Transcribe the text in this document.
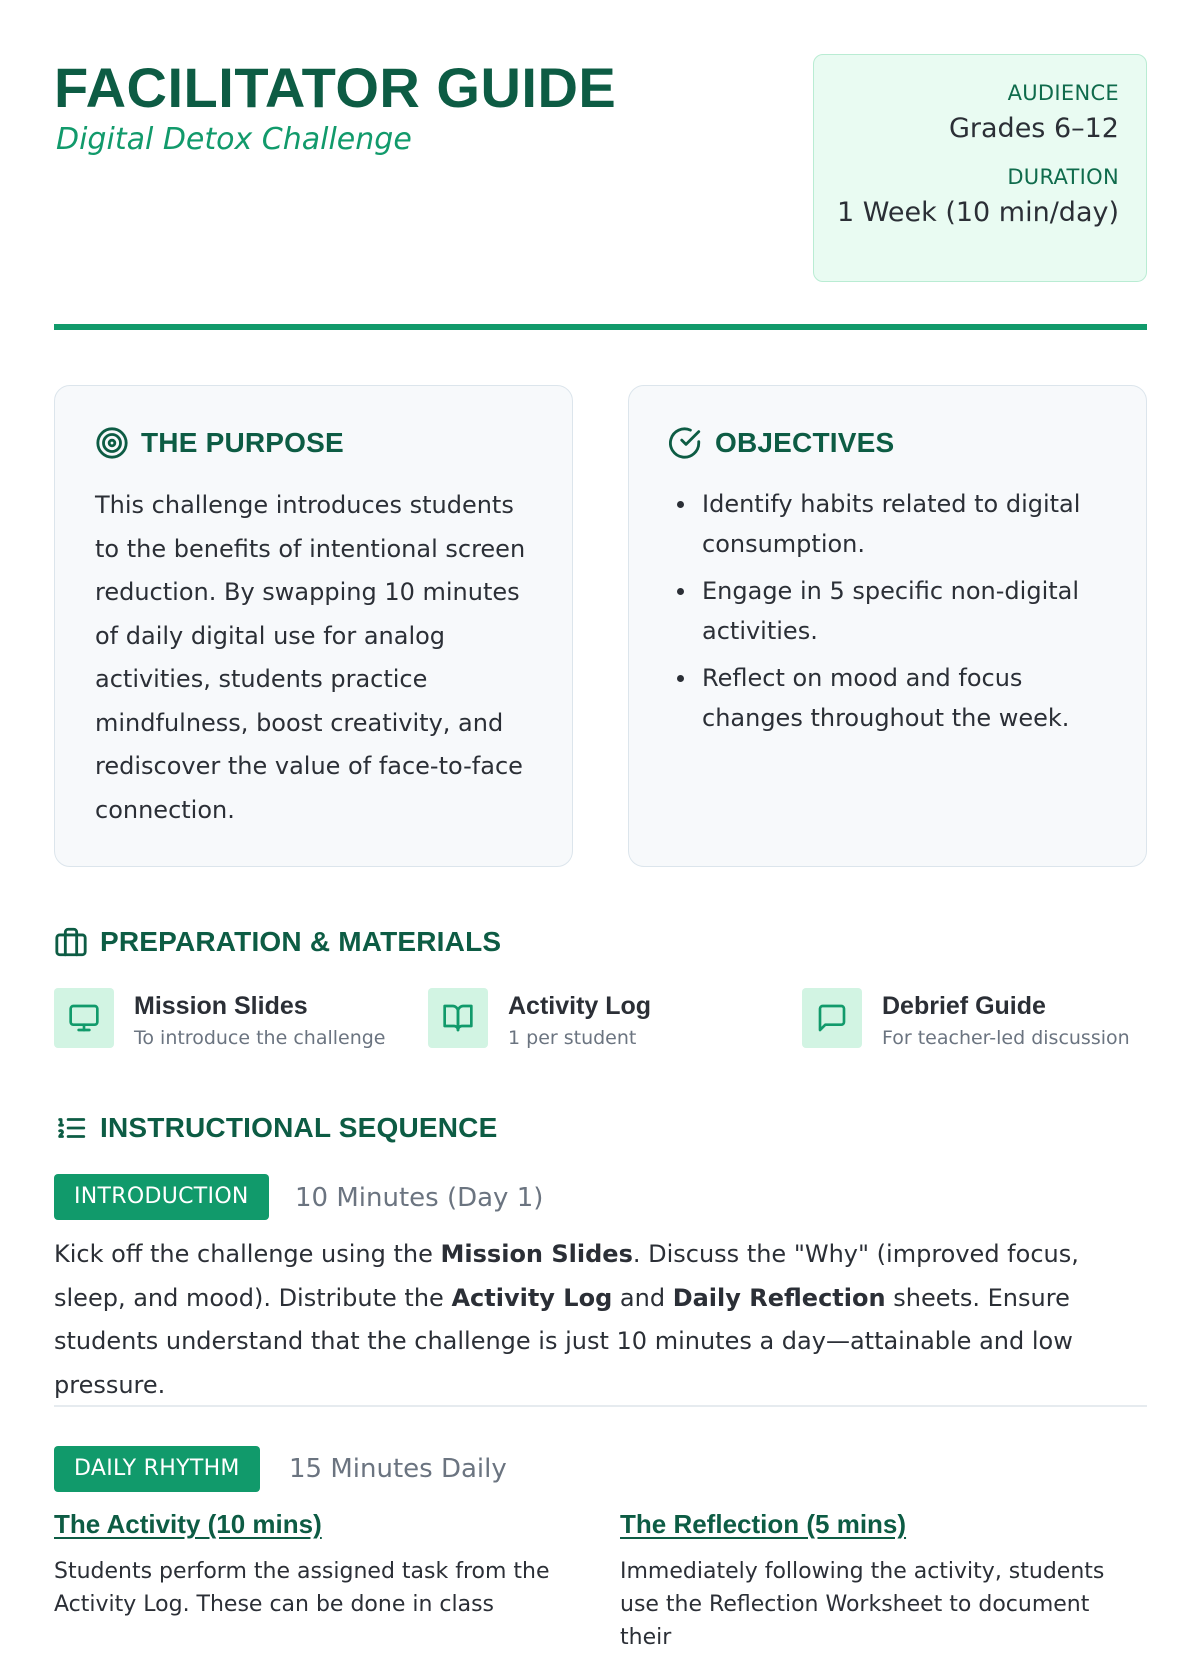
FACILITATOR GUIDE
Digital Detox Challenge
AUDIENCE
Grades 6–12
DURATION
1 Week (10 min/day)
THE PURPOSE
This challenge introduces students to the benefits of intentional screen reduction. By swapping 10 minutes of daily digital use for analog activities, students practice mindfulness, boost creativity, and rediscover the value of face-to-face connection.
OBJECTIVES
Identify habits related to digital consumption.
Engage in 5 specific non-digital activities.
Reflect on mood and focus changes throughout the week.
PREPARATION & MATERIALS
Mission Slides
To introduce the challenge
Activity Log
1 per student
Debrief Guide
For teacher-led discussion
INSTRUCTIONAL SEQUENCE
INTRODUCTION	10 Minutes (Day 1)
Kick off the challenge using the Mission Slides. Discuss the "Why" (improved focus, sleep, and mood). Distribute the Activity Log and Daily Reflection sheets. Ensure students understand that the challenge is just 10 minutes a day—attainable and low pressure.
DAILY RHYTHM	15 Minutes Daily
The Activity (10 mins)
Students perform the assigned task from the Activity Log. These can be done in class
The Reflection (5 mins)
Immediately following the activity, students use the Reflection Worksheet to document their
